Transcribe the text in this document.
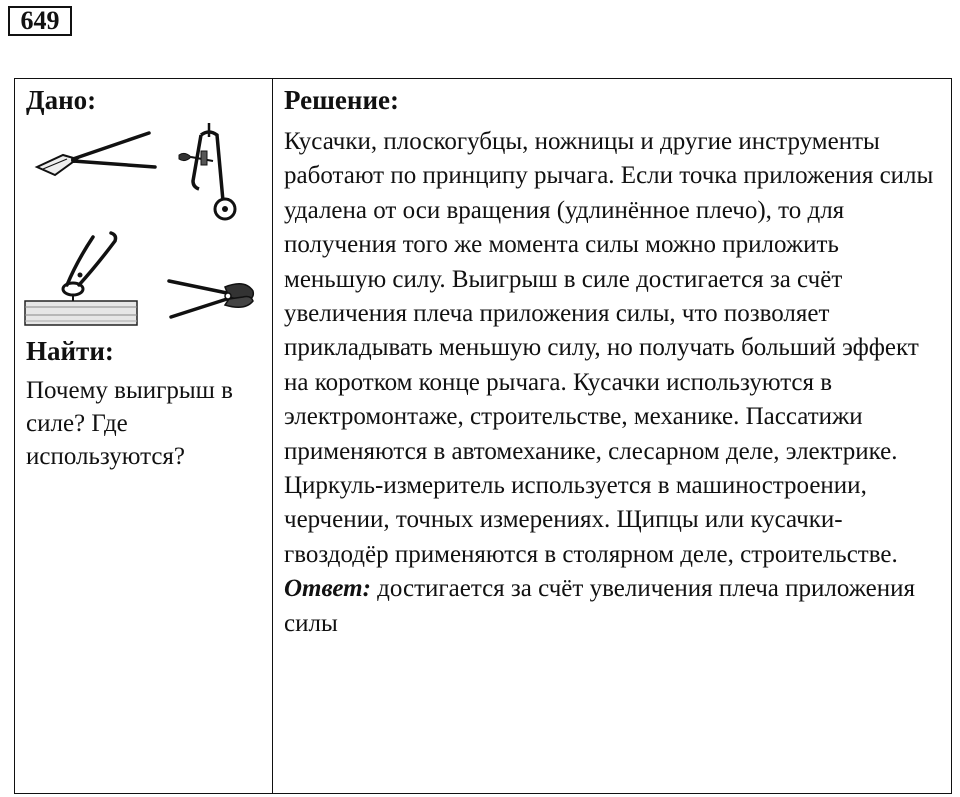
649
Дано:
Найти:
Почему выигрыш в силе? Где используются?

Решение:
Кусачки, плоскогубцы, ножницы и другие инструменты работают по принципу рычага. Если точка приложения силы удалена от оси вращения (удлинённое плечо), то для получения того же момента силы можно приложить меньшую силу. Выигрыш в силе достигается за счёт увеличения плеча приложения силы, что позволяет прикладывать меньшую силу, но получать больший эффект на коротком конце рычага. Кусачки используются в электромонтаже, строительстве, механике. Пассатижи применяются в автомеханике, слесарном деле, электрике. Циркуль-измеритель используется в машиностроении, черчении, точных измерениях. Щипцы или кусачки-гвоздодёр применяются в столярном деле, строительстве.
Ответ: достигается за счёт увеличения плеча приложения силы
